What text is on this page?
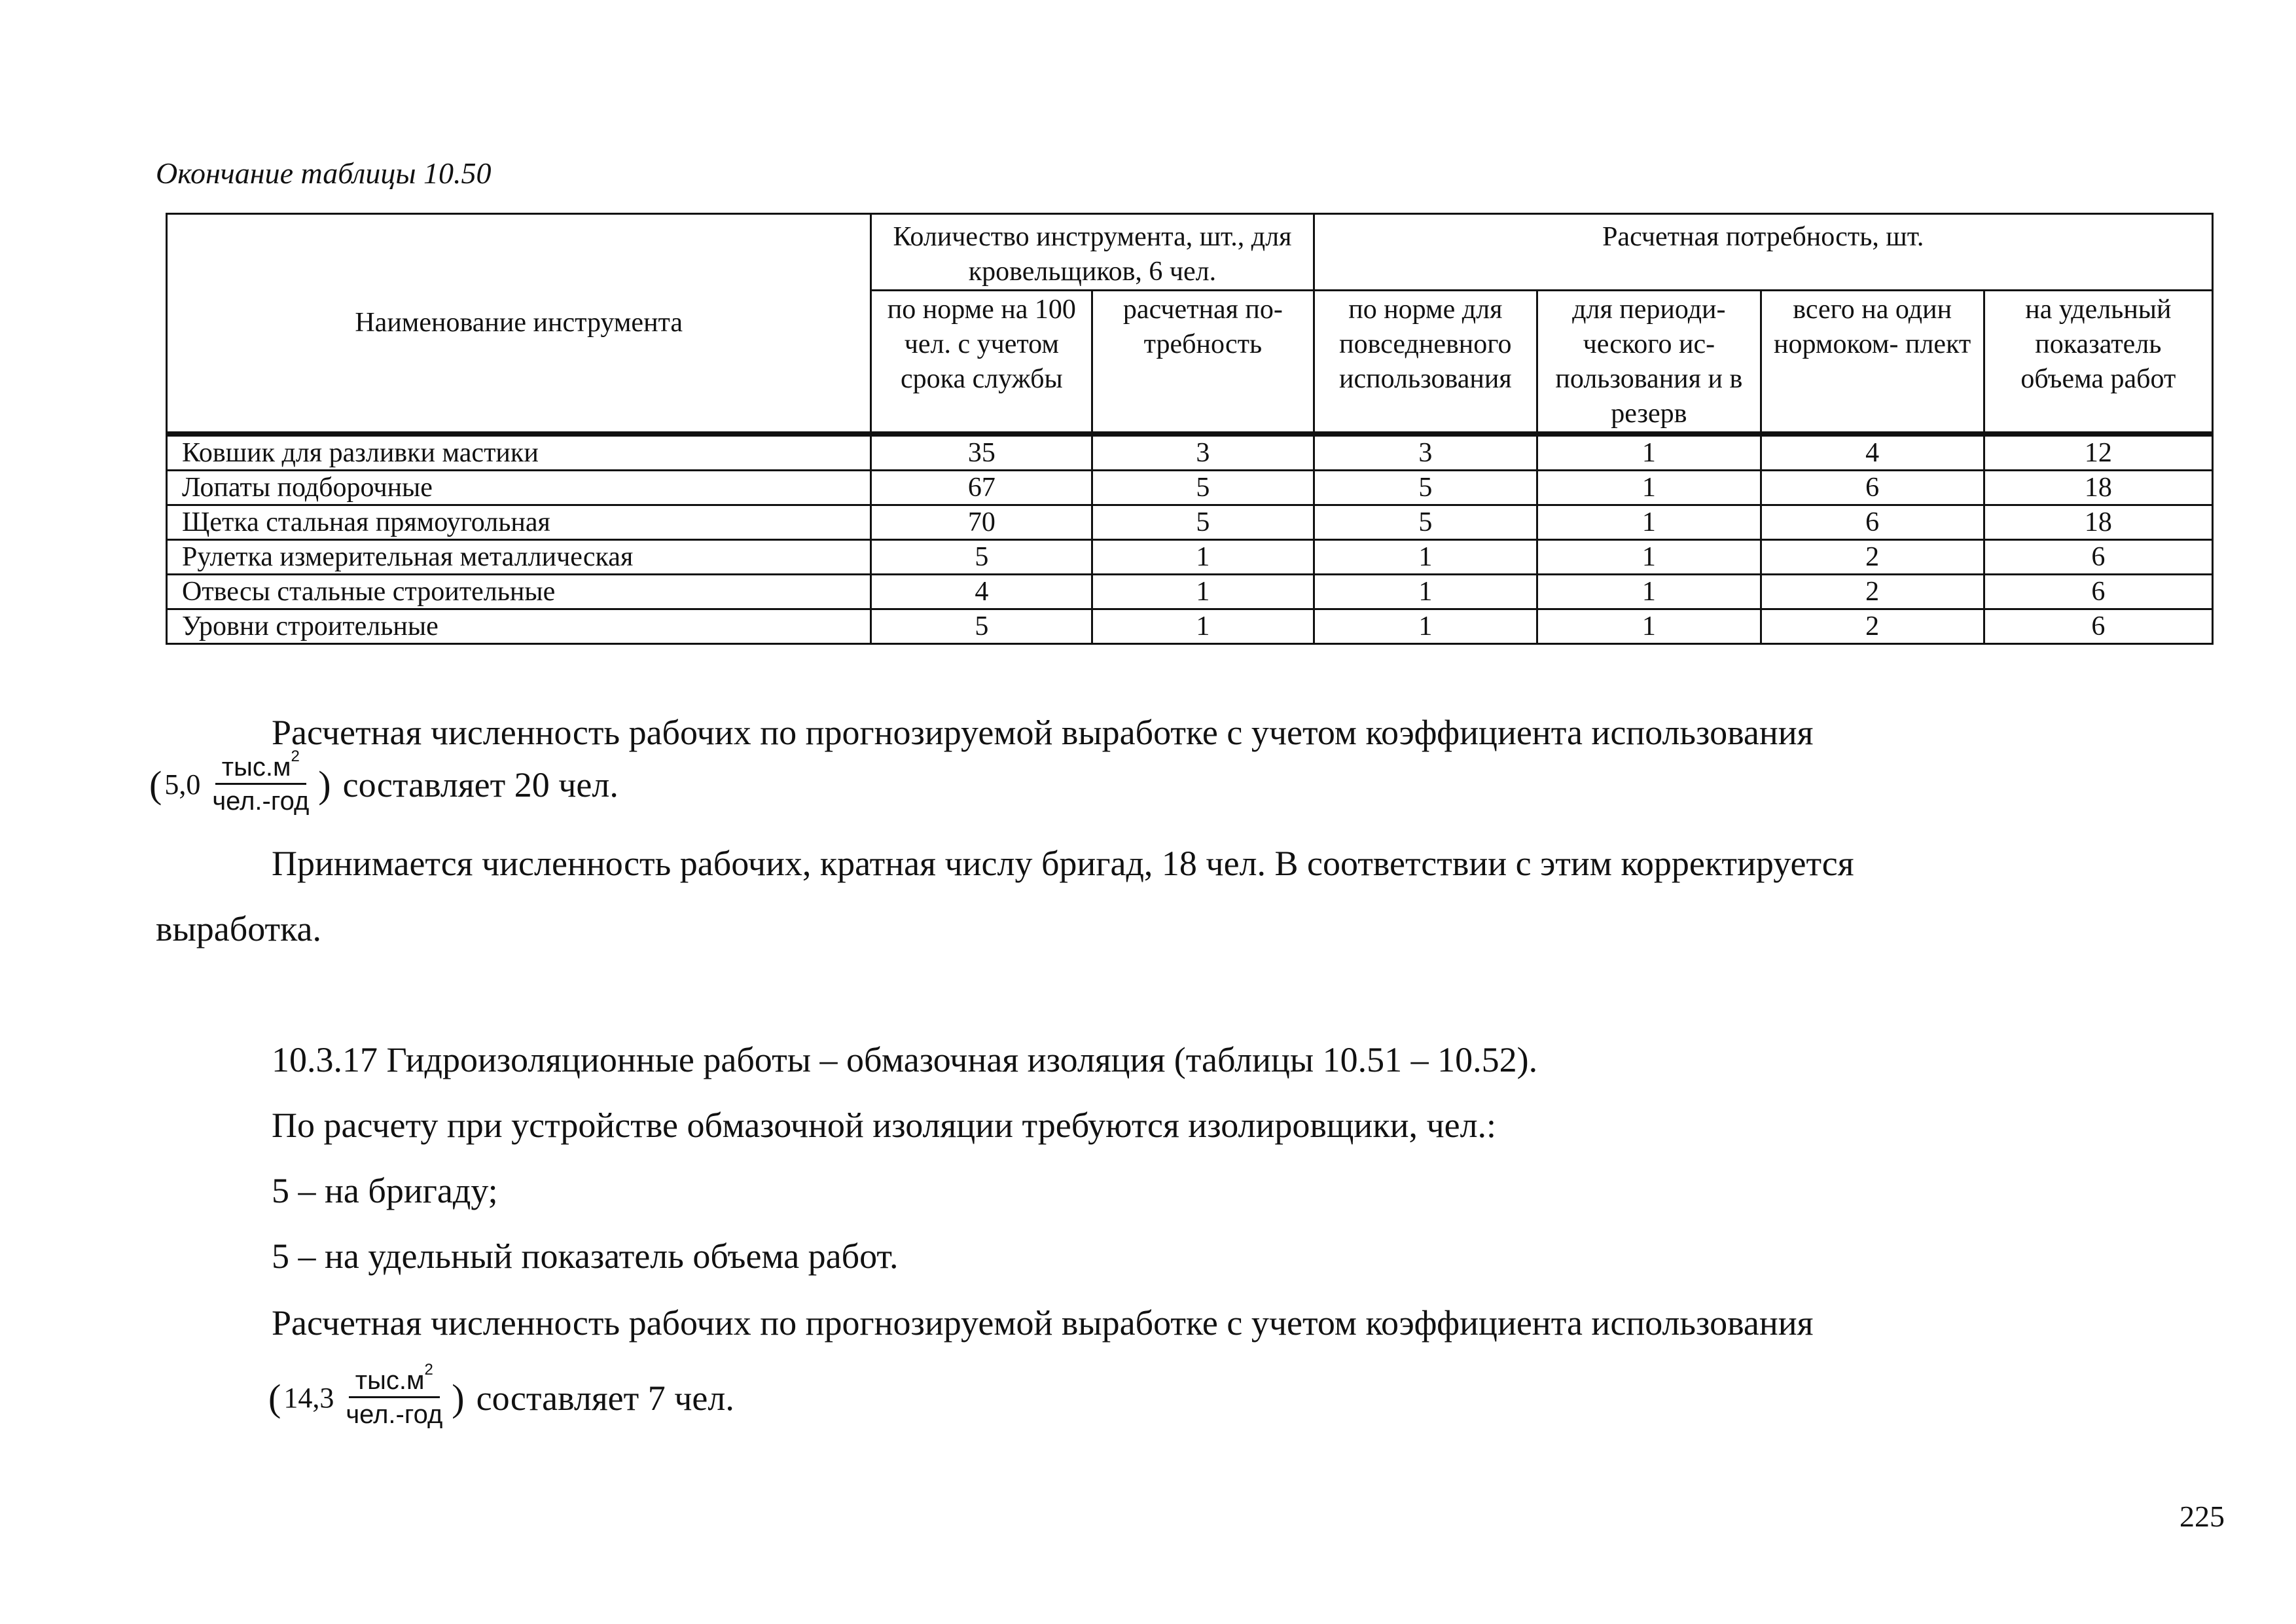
Окончание таблицы 10.50
Наименование инструмента	Количество инструмента, шт., для кровельщиков, 6 чел.		Расчетная потребность, шт.			
	по норме на 100 чел. с учетом срока службы	расчетная по- требность	по норме для повседневного использования	для периоди- ческого ис- пользования и в резерв	всего на один нормоком- плект	на удельный показатель объема работ
Ковшик для разливки мастики	35	3	3	1	4	12
Лопаты подборочные	67	5	5	1	6	18
Щетка стальная прямоугольная	70	5	5	1	6	18
Рулетка измерительная металлическая	5	1	1	1	2	6
Отвесы стальные строительные	4	1	1	1	2	6
Уровни строительные	5	1	1	1	2	6
Расчетная численность рабочих по прогнозируемой выработке с учетом коэффициента использования
( $5,0 \frac{тыс.м^2}{\text{чел.-год}}$ ) составляет 20 чел.
Принимается численность рабочих, кратная числу бригад, 18 чел. В соответствии с этим корректируется
выработка.
10.3.17 Гидроизоляционные работы – обмазочная изоляция (таблицы 10.51 – 10.52).
По расчету при устройстве обмазочной изоляции требуются изолировщики, чел.:
5 – на бригаду;
5 – на удельный показатель объема работ.
Расчетная численность рабочих по прогнозируемой выработке с учетом коэффициента использования
( $14,3 \frac{тыс.м^2}{\text{чел.-год}}$ ) составляет 7 чел.
225
